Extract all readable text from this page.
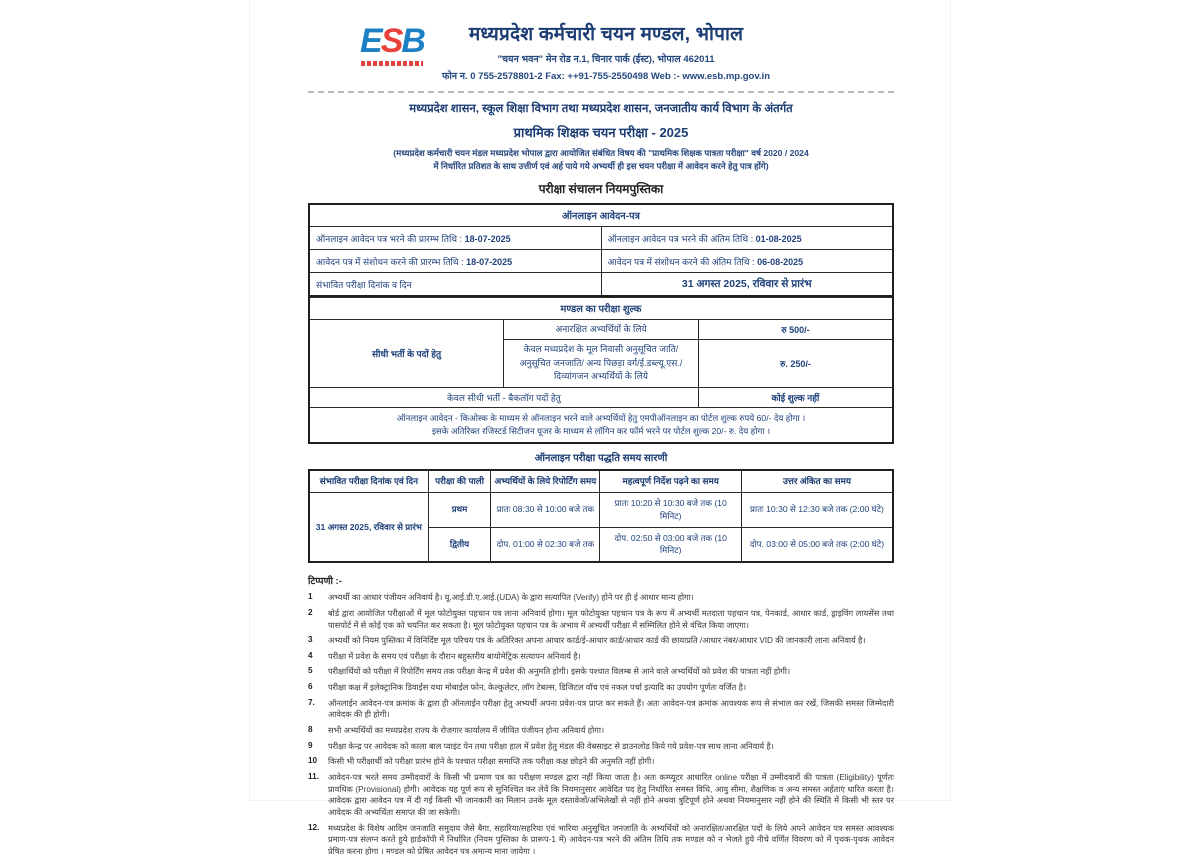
ESB	मध्यप्रदेश कर्मचारी चयन मण्डल, भोपाल
"चयन भवन" मेन रोड न.1, चिनार पार्क (ईस्ट), भोपाल 462011
फोन न. 0 755-2578801-2 Fax: ++91-755-2550498 Web :- www.esb.mp.gov.in
मध्यप्रदेश शासन, स्कूल शिक्षा विभाग तथा मध्यप्रदेश शासन, जनजातीय कार्य विभाग के अंतर्गत
प्राथमिक शिक्षक चयन परीक्षा - 2025
(मध्यप्रदेश कर्मचारी चयन मंडल मध्यप्रदेश भोपाल द्वारा आयोजित संबंधित विषय की "प्राथमिक शिक्षक पात्रता परीक्षा" वर्ष 2020 / 2024
में निर्धारित प्रतिशत के साथ उत्तीर्ण एवं अर्ह पाये गये अभ्यर्थी ही इस चयन परीक्षा में आवेदन करने हेतु पात्र होंगे)
परीक्षा संचालन नियमपुस्तिका
ऑनलाइन आवेदन-पत्र	
ऑनलाइन आवेदन पत्र भरने की प्रारम्भ तिथि : 18-07-2025	ऑनलाइन आवेदन पत्र भरने की अंतिम तिथि : 01-08-2025
आवेदन पत्र में संशोधन करने की प्रारम्भ तिथि : 18-07-2025	आवेदन पत्र में संशोधन करने की अंतिम तिथि : 06-08-2025
संभावित परीक्षा दिनांक व दिन	31 अगस्त 2025, रविवार से प्रारंभ
मण्डल का परीक्षा शुल्क		
सीधी भर्ती के पदों हेतु	अनारक्षित अभ्यर्थियों के लिये	रु 500/-
	केवल मध्यप्रदेश के मूल निवासी अनुसूचित जाति/अनुसूचित जनजाति/ अन्य पिछड़ा वर्ग/ई.डब्ल्यू.एस./ दिव्यांगजन अभ्यर्थियों के लिये	रु. 250/-
केवल सीधी भर्ती - बैकलॉग पदों हेतु		कोई शुल्क नहीं

ऑनलाइन आवेदन - किओस्क के माध्यम से ऑनलाइन भरने वाले अभ्यर्थियों हेतु एमपीऑनलाइन का पोर्टल शुल्क रुपये 60/- देय होगा ।
इसके अतिरिक्त रजिस्टर्ड सिटीजन यूजर के माध्यम से लॉगिन कर फॉर्म भरने पर पोर्टल शुल्क 20/- रु. देय होगा ।		
ऑनलाइन परीक्षा पद्धति समय सारणी
संभावित परीक्षा दिनांक एवं दिन	परीक्षा की पाली	अभ्यर्थियों के लिये रिपोर्टिंग समय	महत्वपूर्ण निर्देश पढ़ने का समय	उत्तर अंकित का समय
31 अगस्त 2025, रविवार से प्रारंभ	प्रथम	प्रातः 08:30 से 10:00 बजे तक	प्रातः 10:20 से 10:30 बजे तक (10 मिनिट)	प्रातः 10:30 से 12:30 बजे तक (2:00 घंटे)
	द्वितीय	दोप. 01:00 से 02:30 बजे तक	दोप. 02:50 से 03:00 बजे तक (10 मिनिट)	दोप. 03:00 से 05:00 बजे तक (2:00 घंटे)
टिप्पणी :-
1	अभ्यर्थी का आधार पंजीयन अनिवार्य है। यू.आई.डी.ए.आई.(UDA) के द्वारा सत्यापित (Verify) होने पर ही ई आधार मान्य होगा।
2	बोर्ड द्वारा आयोजित परीक्षाओं में मूल फोटोयुक्त पहचान पत्र लाना अनिवार्य होगा। मूल फोटोयुक्त पहचान पत्र के रूप में अभ्यर्थी मतदाता पहचान पत्र, पेनकार्ड, आधार कार्ड, ड्राइविंग लायसेंस तथा पासपोर्ट में से कोई एक को चयनित कर सकता है। मूल फोटोयुक्त पहचान पत्र के अभाव में अभ्यर्थी परीक्षा में सम्मिलित होने से वंचित किया जाएगा।
3	अभ्यर्थी को नियम पुस्तिका में विनिर्दिष्ट मूल परिचय पत्र के अतिरिक्त अपना आधार कार्ड/ई-आधार कार्ड/आधार कार्ड की छायाप्रति /आधार नंबर/आधार VID की जानकारी लाना अनिवार्य है।
4	परीक्षा में प्रवेश के समय एवं परीक्षा के दौरान बहुस्तरीय बायोमेट्रिक सत्यापन अनिवार्य है।
5	परीक्षार्थियों को परीक्षा में रिपोर्टिंग समय तक परीक्षा केन्द्र में प्रवेश की अनुमति होगी। इसके पश्चात विलम्ब से आने वाले अभ्यर्थियों को प्रवेश की पात्रता नहीं होगी।
6	परीक्षा कक्ष में इलेक्ट्रानिक डिवाईस यथा मोबाईल फोन, केल्कुलेटर, लॉग टेबल्स, डिजिटल वॉच एवं नकल पर्चा इत्यादि का उपयोग पूर्णतः वर्जित है।
7.	ऑनलाईन आवेदन-पत्र क्रमांक के द्वारा ही ऑनलाईन परीक्षा हेतु अभ्यर्थी अपना प्रवेश-पत्र प्राप्त कर सकते हैं। अतः आवेदन-पत्र क्रमांक आवश्यक रूप से संभाल कर रखें, जिसकी समस्त जिम्मेदारी आवेदक की ही होगी।
8	सभी अभ्यर्थियों का मध्यप्रदेश राज्य के रोजगार कार्यालय में जीवित पंजीयन होना अनिवार्य होगा।
9	परीक्षा केन्द्र पर आवेदक को काला बाल प्वाइंट पेन तथा परीक्षा हाल में प्रवेश हेतु मंडल की वेबसाइट से डाउनलोड किये गये प्रवेश-पत्र साथ लाना अनिवार्य है।
10	किसी भी परीक्षार्थी को परीक्षा प्रारंभ होने के पश्चात परीक्षा समाप्ति तक परीक्षा कक्ष छोड़ने की अनुमति नहीं होगी।
11.	आवेदन-पत्र भरते समय उम्मीदवारों के किसी भी प्रमाण पत्र का परीक्षण मण्डल द्वारा नहीं किया जाता है। अतः कम्प्यूटर आधारित online परीक्षा में उम्मीदवारों की पात्रता (Eligibility) पूर्णतः प्रावधिक (Provisional) होगी। आवेदक यह पूर्ण रूप से सुनिश्चित कर लेवें कि नियमानुसार आवेदित पद हेतु निर्धारित समस्त विधि, आयु सीमा, शैक्षणिक व अन्य समस्त अर्हताएं धारित करता है। आवेदक द्वारा आवेदन पत्र में दी गई किसी भी जानकारी का मिलान उनके मूल दस्तावेजों/अभिलेखों से नहीं होने अथवा त्रुटिपूर्ण होने अथवा नियमानुसार नहीं होने की स्थिति में किसी भी स्तर पर आवेदक की अभ्यर्थिता समाप्त की जा सकेगी।
12.	मध्यप्रदेश के विशेष आदिम जनजाति समुदाय जैसे बैगा, सहारिया/सहरिया एवं भारिया अनुसूचित जनजाति के अभ्यर्थियों को अनारक्षित/आरक्षित पदों के लिये अपने आवेदन पत्र समस्त आवश्यक प्रमाण-पत्र संलग्न करते हुये हार्डकॉपी में निर्धारित (नियम पुस्तिका के प्रारूप-1 में) आवेदन-पत्र भरने की अंतिम तिथि तक मण्डल को न भेजते हुये नीचे वर्णित विवरण को में पृथक-पृथक आवेदन प्रेषित करना होगा । मण्डल को प्रेषित आवेदन पत्र अमान्य माना जायेगा ।
